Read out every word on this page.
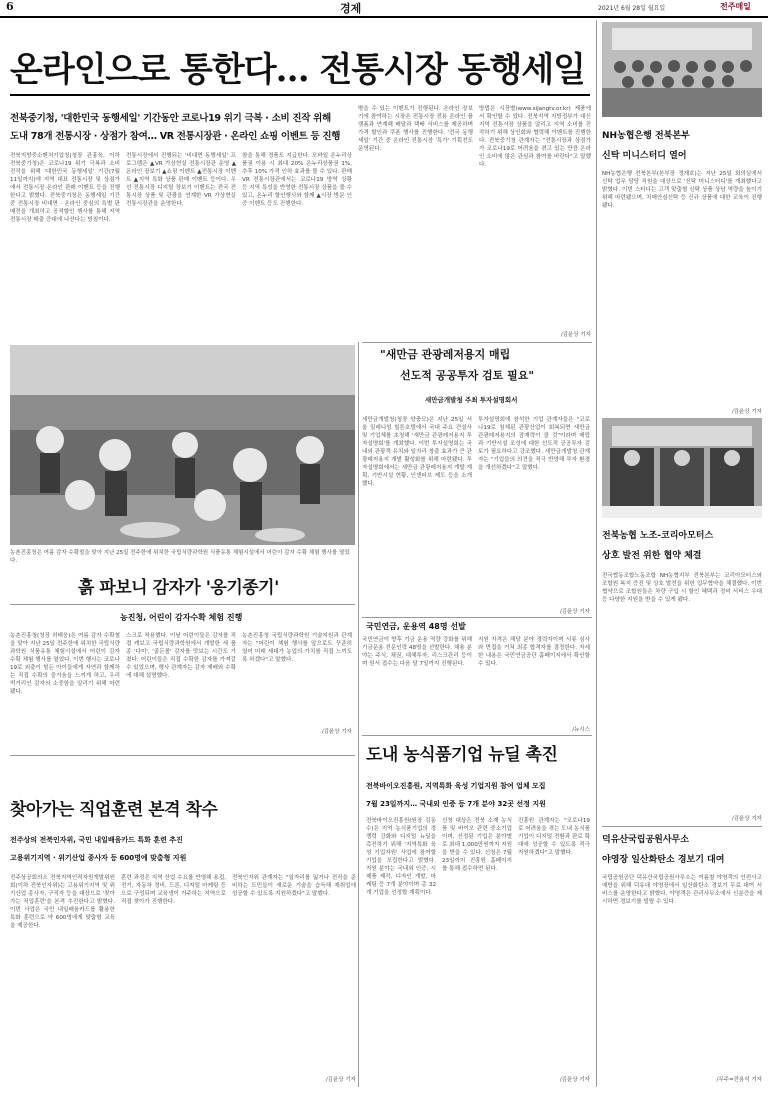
6	경제	2021년 6월 28일 월요일	전주매일
온라인으로 통한다… 전통시장 동행세일
전북중기청, '대한민국 동행세일' 기간동안 코로나19 위기 극복 · 소비 진작 위해
도내 78개 전통시장 · 상점가 참여… VR 전통시장관 · 온라인 쇼핑 이벤트 등 진행
전북지방중소벤처기업청(청장 관홍육, 이하 전북중기청)은 코로나19 위기 극복과 소비 진작을 위해 '대한민국 동행세일' 기간(7월 11일까지)에 지역 대표 전통시장 및 상점가에서 전통시장 온라인 판매 이벤트 등을 진행한다고 밝혔다. 전북중기청은 동행세일 기간 중 전통시장 비대면 · 온라인 중심의 특별 판매전을 개최하고 공적할인 행사를 통해 지역 전통시장 매출 증대에 나선다는 방침이다.
전통시장에서 진행되는 '비대면 동행세일' 프로그램은 ▲VR 가상현실 전통시장관 운영 ▲온라인 장보기 ▲쇼핑 이벤트 ▲전통시장 이벤트 ▲지역 특화 상품 판매 이벤트 등이다. 우선 전통시장 디지털 장보기 이벤트는 전국 전통시장 상품 및 관광을 연계한 VR 가상현실 전통시장관을 운영한다.
참을 통해 경품도 지급한다. 모바일 온누리상품권 이용 시 최대 20% 온누리상품권 1%, 추후 10% 가격 인하 효과를 볼 수 있다. 판매 VR 전통시장관에서는 코로나19 방역 상황 등 지역 특성을 반영한 전통시장 상품을 볼 수 있고, 온누리 할인행사와 함께 ▲시장 방문 인증 이벤트 등도 진행한다.
밖을 수 있는 이벤트가 진행된다. 온라인 장보기에 참여하는 시장은 전통시장 전용 온라인 플랫폼과 연계해 배달과 택배 서비스를 제공하며 가격 할인과 쿠폰 행사를 진행한다. '전국 동행세일' 기간 중 온라인 전통시장 '특가' 기획전도 운영된다.
방법은 시장별(www.sijangtv.or.kr) 제품에서 확인할 수 있다. 전북지역 지방정부가 대신 지역 전통시장 상품을 알리고 지역 소비를 진작하기 위해 상인회와 협력해 이벤트를 진행한다. 전북중기청 관계자는 "전통시장과 상점가가 코로나19로 어려움을 겪고 있는 만큼 온라인 소비에 많은 관심과 참여를 바란다"고 말했다.
/김윤상 기자
농촌진흥청은 여름 감자 수확철을 맞아 지난 25일 전주한에 위치한 국립식량과학원 식품유통 체험시설에서 어린이 감자 수확 체험 행사를 열었다.
흙 파보니 감자가 '옹기종기'
농진청, 어린이 감자수확 체험 진행
농촌진흥청(청장 허태웅)은 여름 감자 수확철을 맞아 지난 25일 전주한에 위치한 국립식량과학원 식품유통 체험시설에서 어린이 감자 수확 체험 행사를 열었다. 이번 행사는 코로나19로 외출이 힘든 아이들에게 자연과 함께하는 직접 수확의 즐거움을 느끼게 하고, 우리 먹거리인 감자의 소중함을 알리기 위해 마련됐다.
스크로 착용했다. 이날 어린이들은 감자를 직접 캐보고 국립식량과학원에서 개발한 새 품종 '다미', '골든볼' 감자를 맛보는 시간도 가졌다. 어린이들은 직접 수확한 감자를 가져갈 수 있었으며, 행사 관계자는 감자 재배와 수확에 대해 설명했다.
농촌진흥청 국립식량과학원 기술지원과 관계자는 "어린이 체험 행사를 앞으로도 꾸준히 열어 미래 세대가 농업의 가치를 직접 느끼도록 하겠다"고 말했다.
/김윤상 기자
"새만금 관광레저용지 매립
선도적 공공투자 검토 필요"
새만금개발청 주최 투자설명회서
새만금개발청(청장 양충모)은 지난 25일 서울 밀레니엄 힐튼호텔에서 국내 주요 건설사 및 기업체를 초청해 '새만금 관광레저용지 투자설명회'를 개최했다. 이번 투자설명회는 국내외 관광객 유치와 일자리 창출 효과가 큰 관광레저용지 개발 활성화를 위해 마련됐다. 투자설명회에서는 새만금 관광레저용지 개발 계획, 기반시설 현황, 인센티브 제도 등을 소개했다.
투자설명회에 참석한 기업 관계자들은 "코로나19로 침체된 관광산업이 회복되면 새만금 관광레저용지의 잠재력이 클 것"이라며 매립과 기반시설 조성에 대한 선도적 공공투자 검토가 필요하다고 강조했다. 새만금개발청 관계자는 "기업들의 의견을 적극 반영해 투자 환경을 개선하겠다"고 말했다.
/김윤상 기자
국민연금, 운용역 48명 선발
국민연금이 향후 기금 운용 역량 강화를 위해 기금운용 전문인력 48명을 선발한다. 채용 분야는 주식, 채권, 대체투자, 리스크관리 등이며 원서 접수는 다음 달 7일까지 진행된다.
지원 자격은 해당 분야 경력자이며 서류 심사와 면접을 거쳐 최종 합격자를 결정한다. 자세한 내용은 국민연금공단 홈페이지에서 확인할 수 있다.
/뉴시스
도내 농식품기업 뉴딜 촉진
전북바이오진흥원, 지역특화 육성 기업지원 참여 업체 모집
7월 23일까지… 국내외 인증 등 7개 분야 32곳 선정 지원
전북바이오진흥원(원장 김동수)은 지역 농식품기업의 경쟁력 강화와 디지털 뉴딜을 촉진하기 위해 '지역특화 육성 기업지원' 사업에 참여할 기업을 모집한다고 밝혔다. 지원 분야는 국내외 인증, 시제품 제작, 디자인 개발, 마케팅 등 7개 분야이며 총 32개 기업을 선정할 계획이다.
신청 대상은 전북 소재 농식품 및 바이오 관련 중소기업이며, 선정된 기업은 분야별로 최대 1,000만원까지 지원을 받을 수 있다. 신청은 7월 23일까지 진흥원 홈페이지를 통해 접수하면 된다.
진흥원 관계자는 "코로나19로 어려움을 겪는 도내 농식품기업이 디지털 전환과 판로 확대에 성공할 수 있도록 적극 지원하겠다"고 말했다.
/김윤상 기자
찾아가는 직업훈련 본격 착수
전주상의 전북인자위, 국민 내일배움카드 특화 훈련 추진
고용위기지역 · 위기산업 종사자 등 600명에 맞춤형 지원
전주상공회의소 전북지역인적자원개발위원회(이하 전북인자위)는 고용위기지역 및 위기산업 종사자, 구직자 등을 대상으로 '찾아가는 직업훈련'을 본격 추진한다고 밝혔다. 이번 사업은 국민 내일배움카드를 활용한 특화 훈련으로 약 600명에게 맞춤형 교육을 제공한다.
훈련 과정은 지역 산업 수요를 반영해 용접, 전기, 자동차 정비, 드론, 디지털 마케팅 등으로 구성되며 교육생이 거주하는 지역으로 직접 찾아가 진행한다.
전북인자위 관계자는 "일자리를 잃거나 전직을 준비하는 도민들이 새로운 기술을 습득해 재취업에 성공할 수 있도록 지원하겠다"고 말했다.
/김윤상 기자
NH농협은행 전북본부
신탁 미니스터디 열어
NH농협은행 전북본부(본부장 정재호)는 지난 25일 회의실에서 신탁 업무 담당 직원을 대상으로 '신탁 미니스터디'를 개최했다고 밝혔다. 이번 스터디는 고객 맞춤형 신탁 상품 상담 역량을 높이기 위해 마련됐으며, 치매안심신탁 등 신규 상품에 대한 교육이 진행됐다.
/김윤상 기자
전북농협 노조-코리아모터스
상호 발전 위한 협약 체결
전국협동조합노동조합 NH농협지부 전북본부는 코리아모터스와 조합원 복지 증진 및 상호 발전을 위한 업무협약을 체결했다. 이번 협약으로 조합원들은 차량 구입 시 할인 혜택과 정비 서비스 우대 등 다양한 지원을 받을 수 있게 됐다.
/김윤상 기자
덕유산국립공원사무소
야영장 일산화탄소 경보기 대여
국립공원공단 덕유산국립공원사무소는 여름철 야영객의 안전사고 예방을 위해 덕유대 야영장에서 일산화탄소 경보기 무료 대여 서비스를 운영한다고 밝혔다. 야영객은 관리사무소에서 신분증을 제시하면 경보기를 빌릴 수 있다.
/무주=전용석 기자
